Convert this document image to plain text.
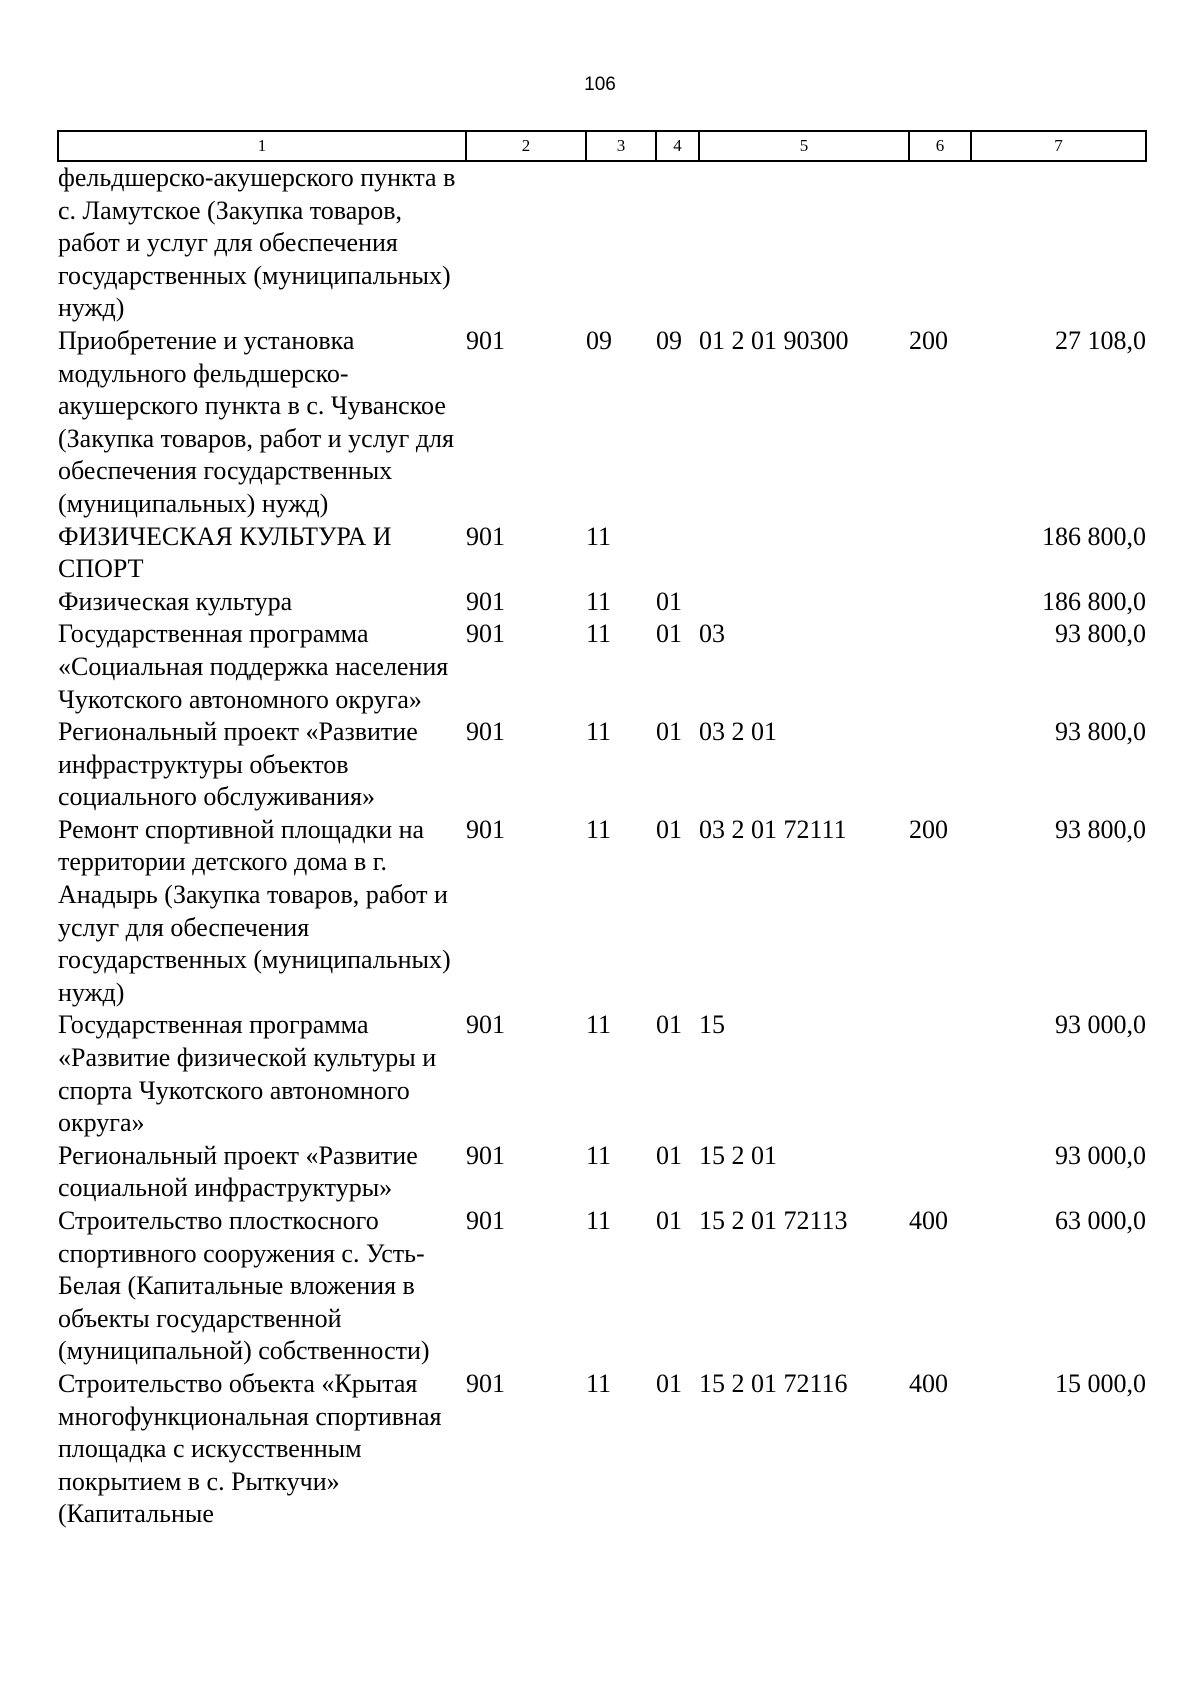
106
1	2	3	4	5	6	7
фельдшерско-акушерского пункта в с. Ламутское (Закупка товаров, работ и услуг для обеспечения государственных (муниципальных) нужд)						
Приобретение и установка модульного фельдшерско-акушерского пункта в с. Чуванское (Закупка товаров, работ и услуг для обеспечения государственных (муниципальных) нужд)	901	09	09	01 2 01 90300	200	27 108,0
ФИЗИЧЕСКАЯ КУЛЬТУРА И СПОРТ	901	11				186 800,0
Физическая культура	901	11	01			186 800,0
Государственная программа «Социальная поддержка населения Чукотского автономного округа»	901	11	01	03		93 800,0
Региональный проект «Развитие инфраструктуры объектов социального обслуживания»	901	11	01	03 2 01		93 800,0
Ремонт спортивной площадки на территории детского дома в г. Анадырь (Закупка товаров, работ и услуг для обеспечения государственных (муниципальных) нужд)	901	11	01	03 2 01 72111	200	93 800,0
Государственная программа «Развитие физической культуры и спорта Чукотского автономного округа»	901	11	01	15		93 000,0
Региональный проект «Развитие социальной инфраструктуры»	901	11	01	15 2 01		93 000,0
Строительство плосткосного спортивного сооружения с. Усть-Белая (Капитальные вложения в объекты государственной (муниципальной) собственности)	901	11	01	15 2 01 72113	400	63 000,0
Строительство объекта «Крытая многофункциональная спортивная площадка с искусственным покрытием в с. Рыткучи» (Капитальные	901	11	01	15 2 01 72116	400	15 000,0
